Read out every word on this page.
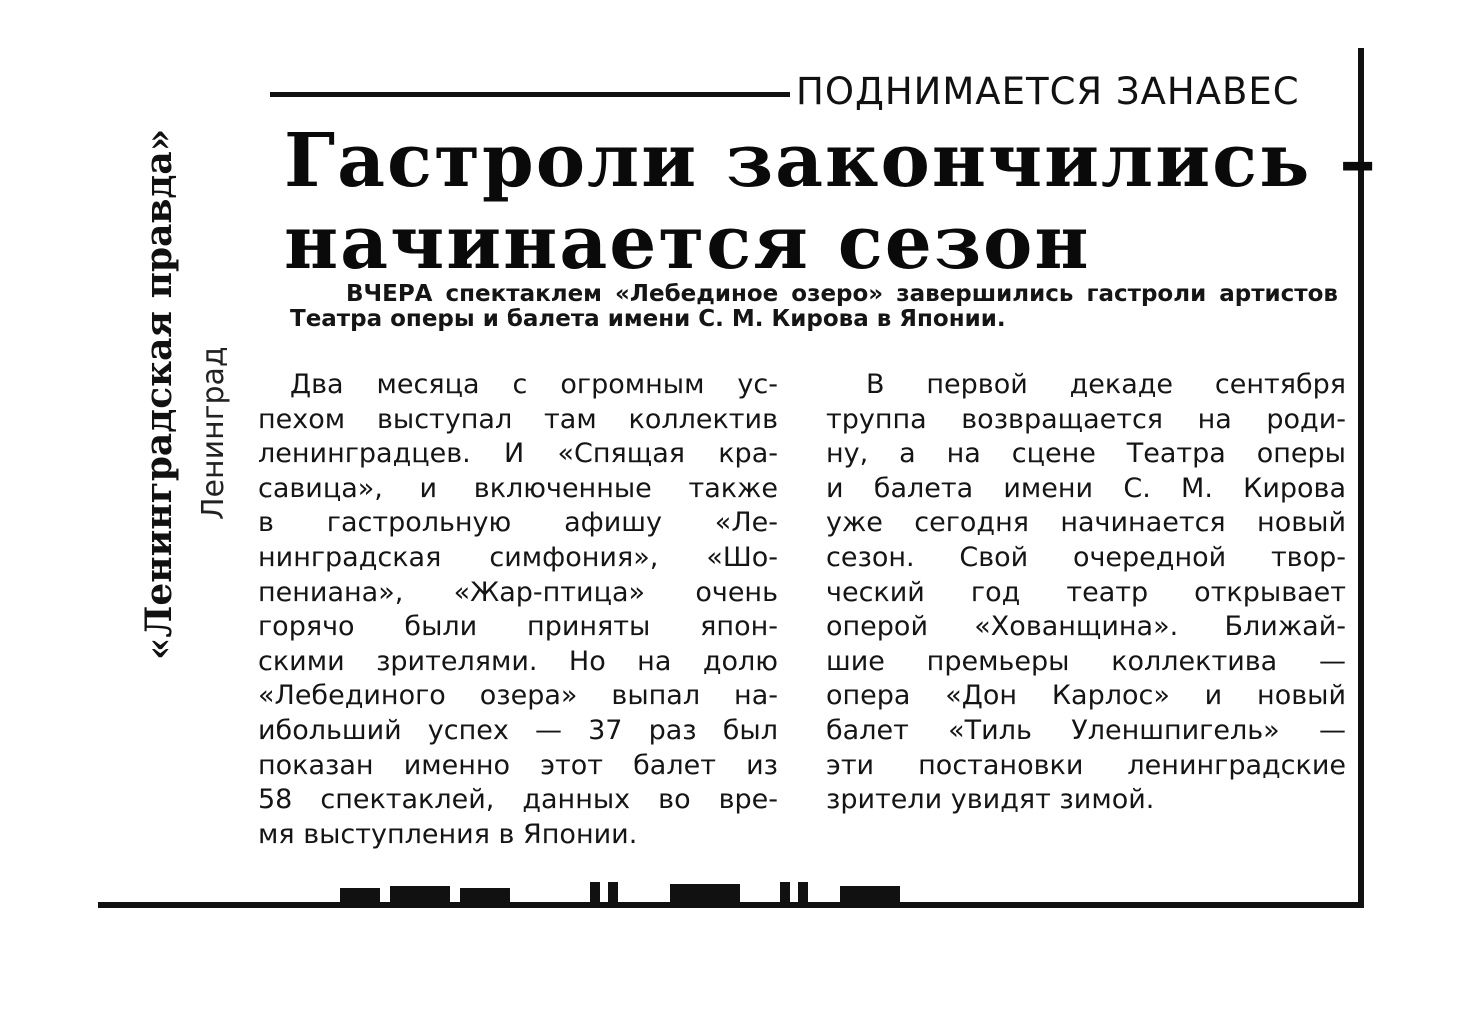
ПОДНИМАЕТСЯ ЗАНАВЕС
Гастроли закончились –
начинается сезон
ВЧЕРА спектаклем «Лебединое озеро» завершились гастроли артистов Театра оперы и балета имени С. М. Кирова в Японии.
Два месяца с огромным ус-
пехом выступал там коллектив
ленинградцев. И «Спящая кра-
савица», и включенные также
в гастрольную афишу «Ле-
нинградская симфония», «Шо-
пениана», «Жар-птица» очень
горячо были приняты япон-
скими зрителями. Но на долю
«Лебединого озера» выпал на-
ибольший успех — 37 раз был
показан именно этот балет из
58 спектаклей, данных во вре-
мя выступления в Японии.
В первой декаде сентября
труппа возвращается на роди-
ну, а на сцене Театра оперы
и балета имени С. М. Кирова
уже сегодня начинается новый
сезон. Свой очередной твор-
ческий год театр открывает
оперой «Хованщина». Ближай-
шие премьеры коллектива —
опера «Дон Карлос» и новый
балет «Тиль Уленшпигель» —
эти постановки ленинградские
зрители увидят зимой.
«Ленинградская правда» Ленинград
